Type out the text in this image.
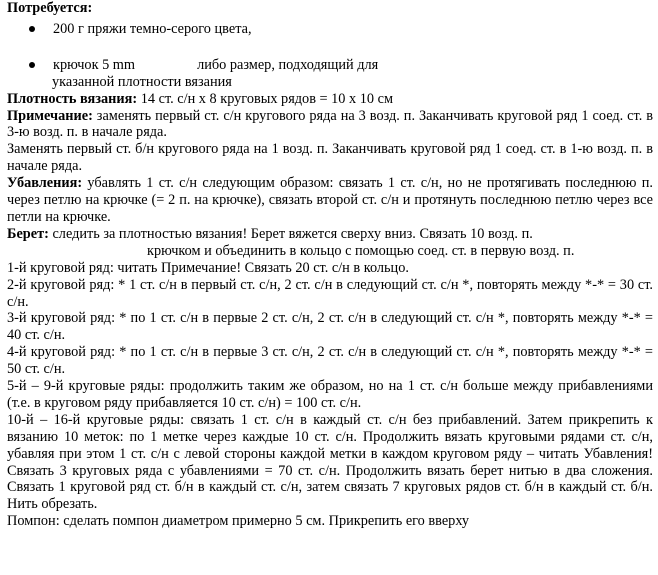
Потребуется:

200 г пряжи темно-серого цвета,
крючок 5 mm	либо размер, подходящий для
указанной плотности вязания

Плотность вязания: 14 ст. с/н х 8 круговых рядов = 10 х 10 см

Примечание: заменять первый ст. с/н кругового ряда на 3 возд. п. Заканчивать круговой ряд 1 соед. ст. в 3-ю возд. п. в начале ряда.

Заменять первый ст. б/н кругового ряда на 1 возд. п. Заканчивать круговой ряд 1 соед. ст. в 1-ю возд. п. в начале ряда.

Убавления: убавлять 1 ст. с/н следующим образом: связать 1 ст. с/н, но не протягивать последнюю п. через петлю на крючке (= 2 п. на крючке), связать второй ст. с/н и протянуть последнюю петлю через все петли на крючке.

Берет: следить за плотностью вязания! Берет вяжется сверху вниз. Связать 10 возд. п.
крючком и объединить в кольцо с помощью соед. ст. в первую возд. п.

1-й круговой ряд: читать Примечание! Связать 20 ст. с/н в кольцо.

2-й круговой ряд: * 1 ст. с/н в первый ст. с/н, 2 ст. с/н в следующий ст. с/н *, повторять между *-* = 30 ст. с/н.

3-й круговой ряд: * по 1 ст. с/н в первые 2 ст. с/н, 2 ст. с/н в следующий ст. с/н *, повторять между *-* = 40 ст. с/н.

4-й круговой ряд: * по 1 ст. с/н в первые 3 ст. с/н, 2 ст. с/н в следующий ст. с/н *, повторять между *-* = 50 ст. с/н.

5-й – 9-й круговые ряды: продолжить таким же образом, но на 1 ст. с/н больше между прибавлениями (т.е. в круговом ряду прибавляется 10 ст. с/н) = 100 ст. с/н.

10-й – 16-й круговые ряды: связать 1 ст. с/н в каждый ст. с/н без прибавлений. Затем прикрепить к вязанию 10 меток: по 1 метке через каждые 10 ст. с/н. Продолжить вязать круговыми рядами ст. с/н, убавляя при этом 1 ст. с/н с левой стороны каждой метки в каждом круговом ряду – читать Убавления! Связать 3 круговых ряда с убавлениями = 70 ст. с/н. Продолжить вязать берет нитью в два сложения. Связать 1 круговой ряд ст. б/н в каждый ст. с/н, затем связать 7 круговых рядов ст. б/н в каждый ст. б/н. Нить обрезать.

Помпон: сделать помпон диаметром примерно 5 см. Прикрепить его вверху
